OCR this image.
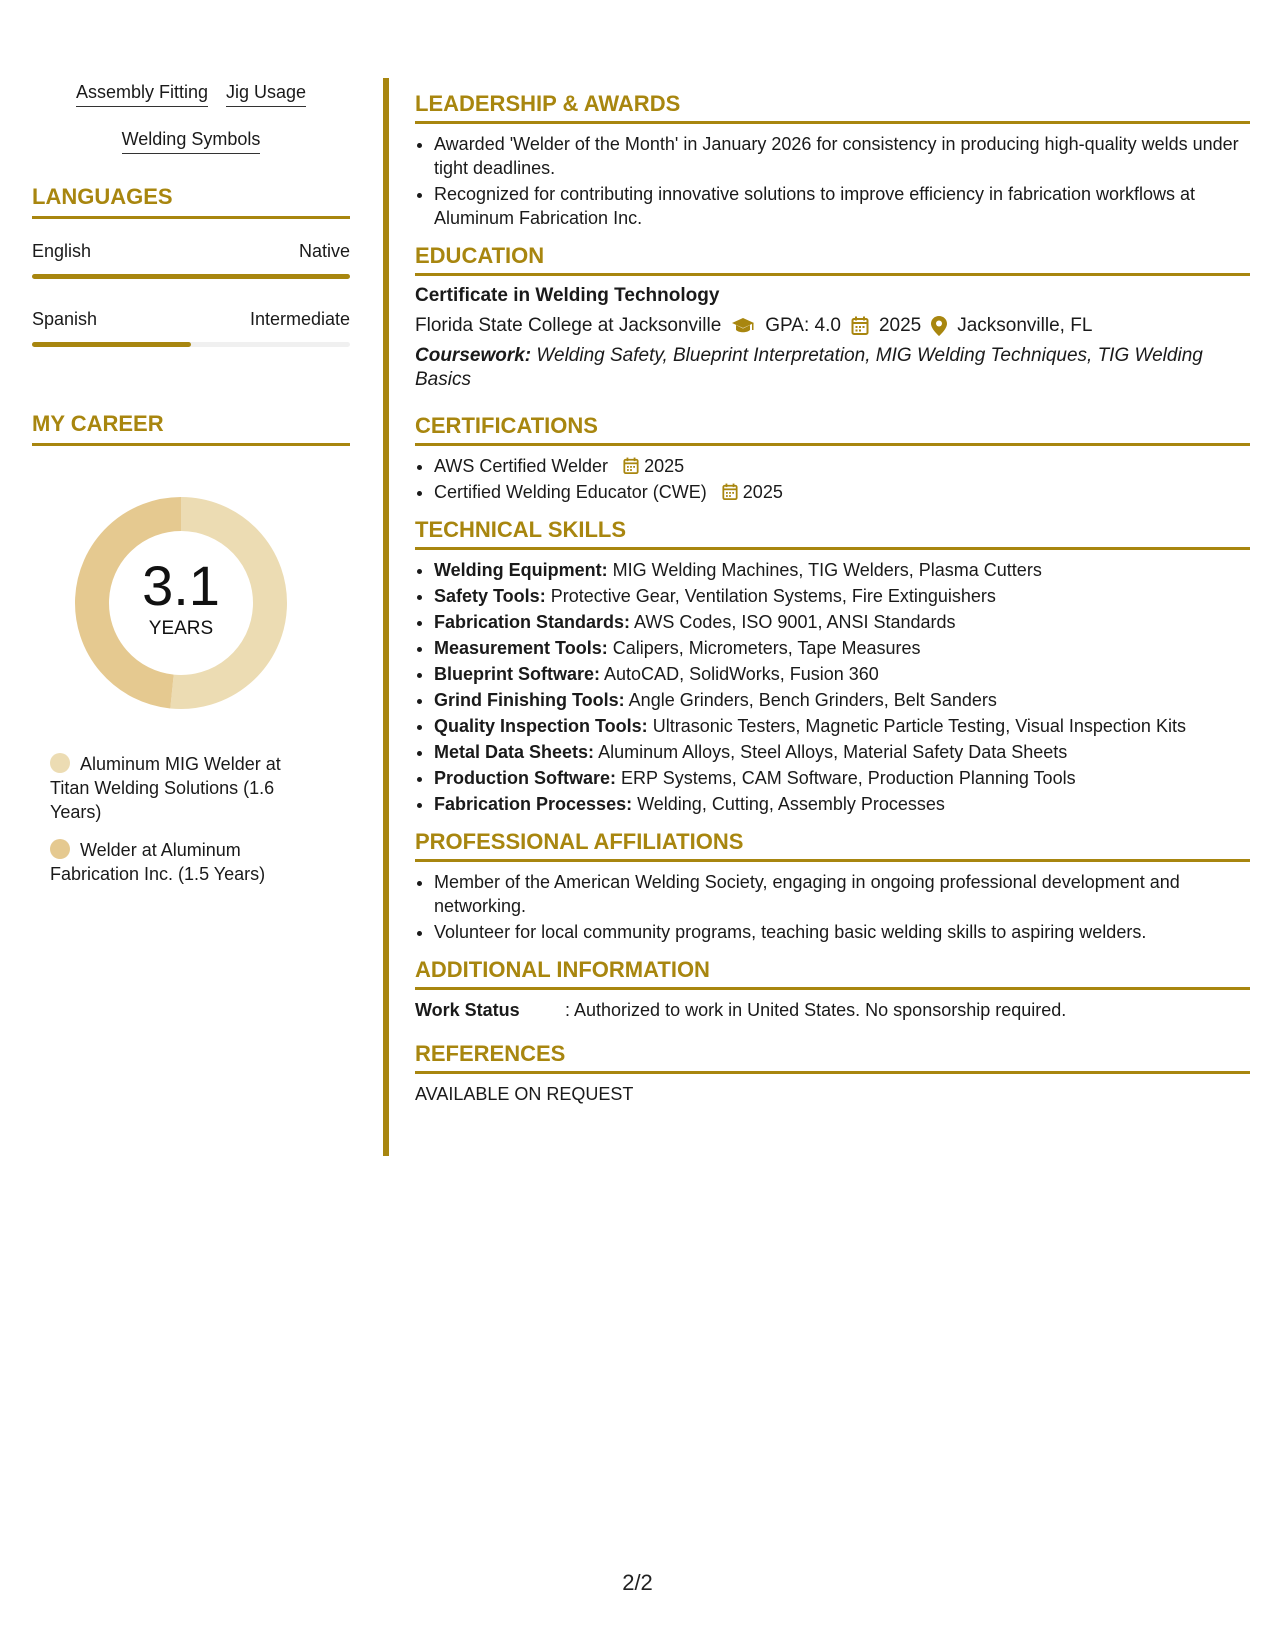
Assembly Fitting Jig Usage
Welding Symbols
LANGUAGES
English	Native
Spanish	Intermediate
MY CAREER
3.1
YEARS
Aluminum MIG Welder at Titan Welding Solutions (1.6 Years)
Welder at Aluminum Fabrication Inc. (1.5 Years)
LEADERSHIP & AWARDS
• Awarded 'Welder of the Month' in January 2026 for consistency in producing high-quality welds under tight deadlines.
• Recognized for contributing innovative solutions to improve efficiency in fabrication workflows at Aluminum Fabrication Inc.
EDUCATION
Certificate in Welding Technology
Florida State College at Jacksonville GPA: 4.0 2025 Jacksonville, FL
Coursework: Welding Safety, Blueprint Interpretation, MIG Welding Techniques, TIG Welding Basics
CERTIFICATIONS
• AWS Certified Welder 2025
• Certified Welding Educator (CWE) 2025
TECHNICAL SKILLS
• Welding Equipment: MIG Welding Machines, TIG Welders, Plasma Cutters
• Safety Tools: Protective Gear, Ventilation Systems, Fire Extinguishers
• Fabrication Standards: AWS Codes, ISO 9001, ANSI Standards
• Measurement Tools: Calipers, Micrometers, Tape Measures
• Blueprint Software: AutoCAD, SolidWorks, Fusion 360
• Grind Finishing Tools: Angle Grinders, Bench Grinders, Belt Sanders
• Quality Inspection Tools: Ultrasonic Testers, Magnetic Particle Testing, Visual Inspection Kits
• Metal Data Sheets: Aluminum Alloys, Steel Alloys, Material Safety Data Sheets
• Production Software: ERP Systems, CAM Software, Production Planning Tools
• Fabrication Processes: Welding, Cutting, Assembly Processes
PROFESSIONAL AFFILIATIONS
• Member of the American Welding Society, engaging in ongoing professional development and networking.
• Volunteer for local community programs, teaching basic welding skills to aspiring welders.
ADDITIONAL INFORMATION
Work Status	: Authorized to work in United States. No sponsorship required.
REFERENCES
AVAILABLE ON REQUEST
2/2
